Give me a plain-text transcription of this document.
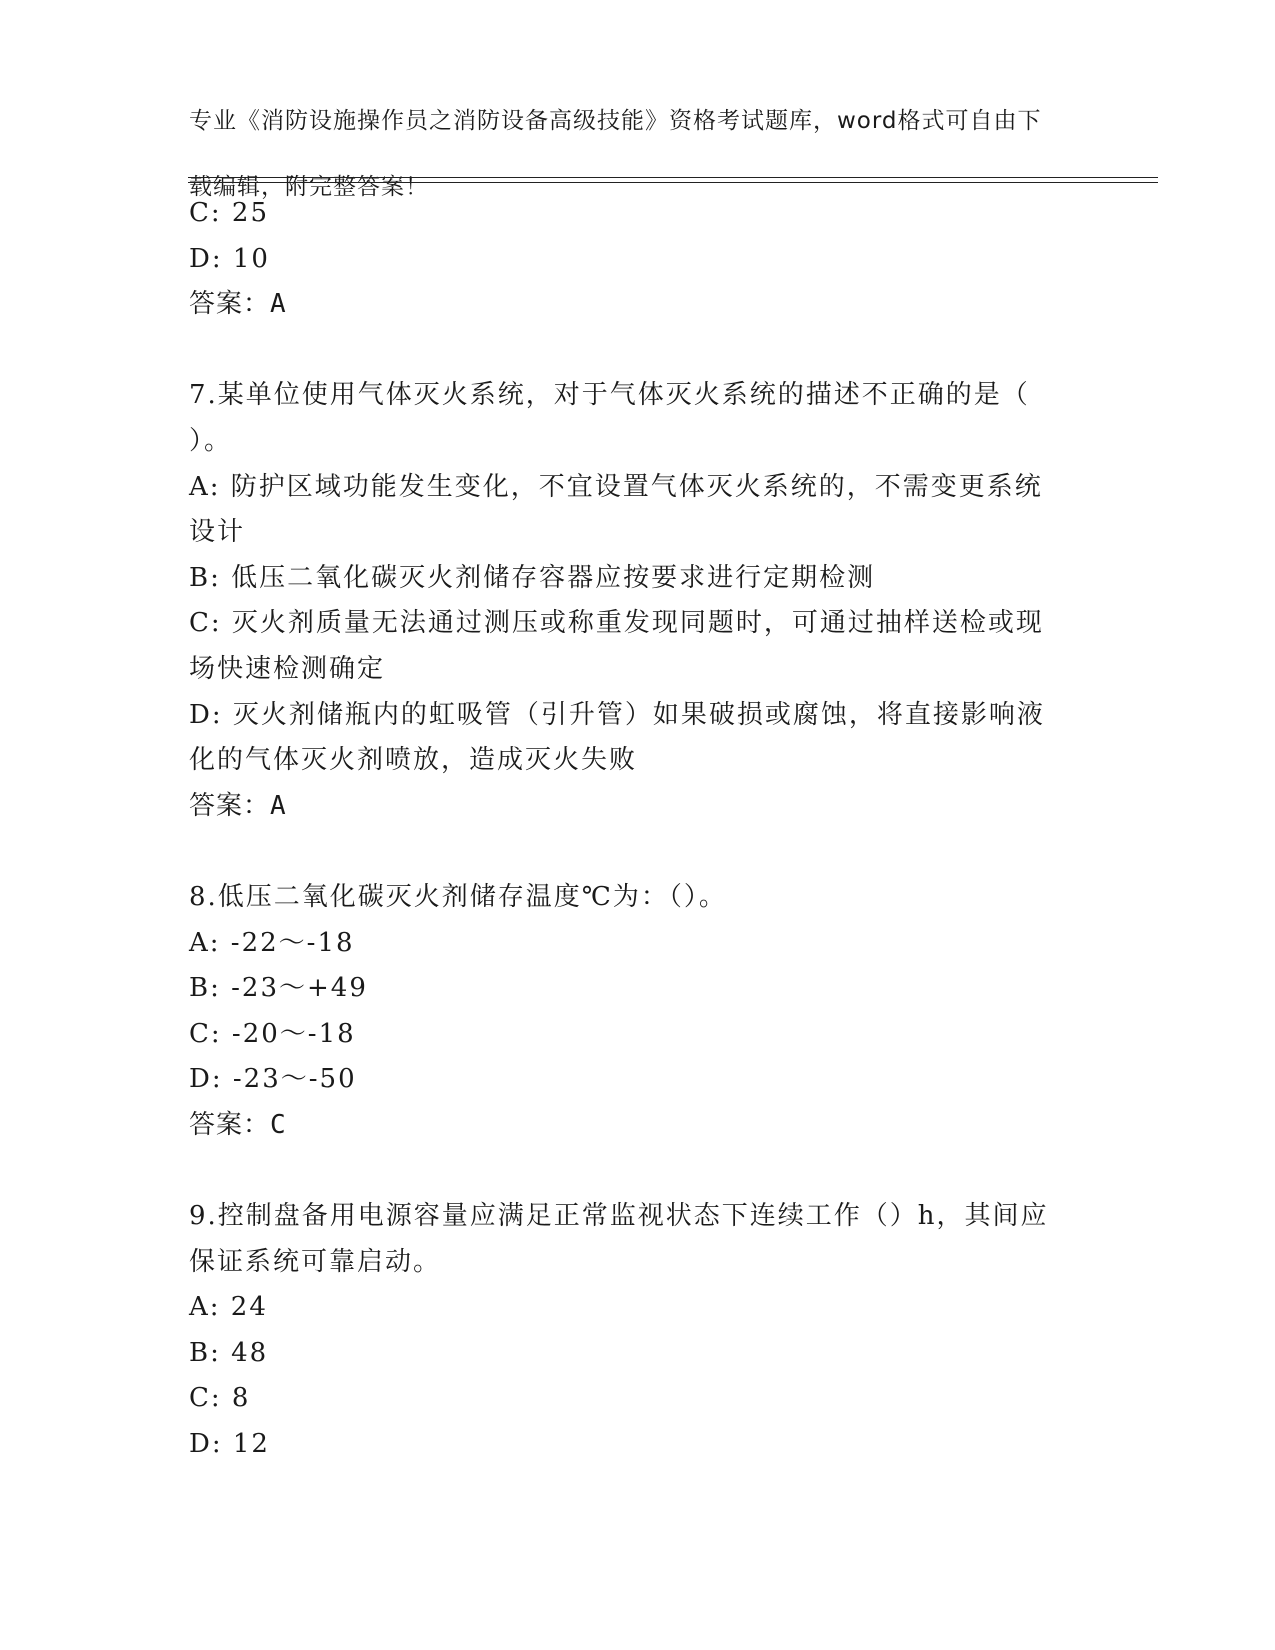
专业《消防设施操作员之消防设备高级技能》资格考试题库，word格式可自由下

载编辑，附完整答案！

C: 25
D: 10
答案：A
7.某单位使用气体灭火系统，对于气体灭火系统的描述不正确的是（
）。
A: 防护区域功能发生变化，不宜设置气体灭火系统的，不需变更系统
设计
B: 低压二氧化碳灭火剂储存容器应按要求进行定期检测
C: 灭火剂质量无法通过测压或称重发现同题时，可通过抽样送检或现
场快速检测确定
D: 灭火剂储瓶内的虹吸管（引升管）如果破损或腐蚀，将直接影响液
化的气体灭火剂喷放，造成灭火失败
答案：A
8.低压二氧化碳灭火剂储存温度℃为：（）。
A: -22～-18
B: -23～+49
C: -20～-18
D: -23～-50
答案：C
9.控制盘备用电源容量应满足正常监视状态下连续工作（）h，其间应
保证系统可靠启动。
A: 24
B: 48
C: 8
D: 12
